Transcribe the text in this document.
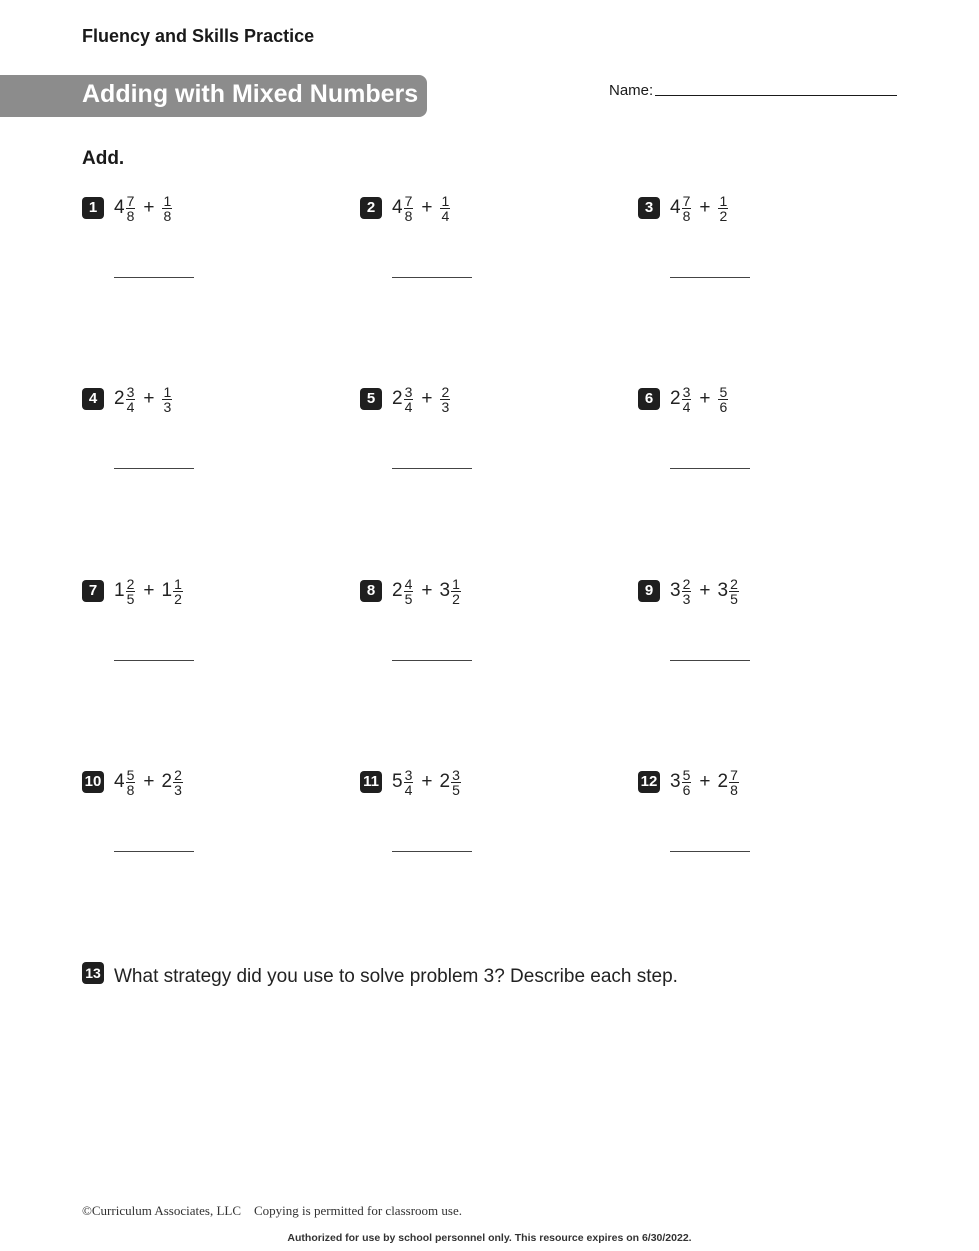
Fluency and Skills Practice
Adding with Mixed Numbers	Name:
Add.
1 $4 \frac{7}{8} + \frac{1}{8}$	2 $4 \frac{7}{8} + \frac{1}{4}$	3 $4 \frac{7}{8} + \frac{1}{2}$
4 $2 \frac{3}{4} + \frac{1}{3}$	5 $2 \frac{3}{4} + \frac{2}{3}$	6 $2 \frac{3}{4} + \frac{5}{6}$
7 $1 \frac{2}{5} + 1 \frac{1}{2}$	8 $2 \frac{4}{5} + 3 \frac{1}{2}$	9 $3 \frac{2}{3} + 3 \frac{2}{5}$
10 $4 \frac{5}{8} + 2 \frac{2}{3}$	11 $5 \frac{3}{4} + 2 \frac{3}{5}$	12 $3 \frac{5}{6} + 2 \frac{7}{8}$
13 What strategy did you use to solve problem 3? Describe each step.
©Curriculum Associates, LLC    Copying is permitted for classroom use.
Authorized for use by school personnel only. This resource expires on 6/30/2022.
